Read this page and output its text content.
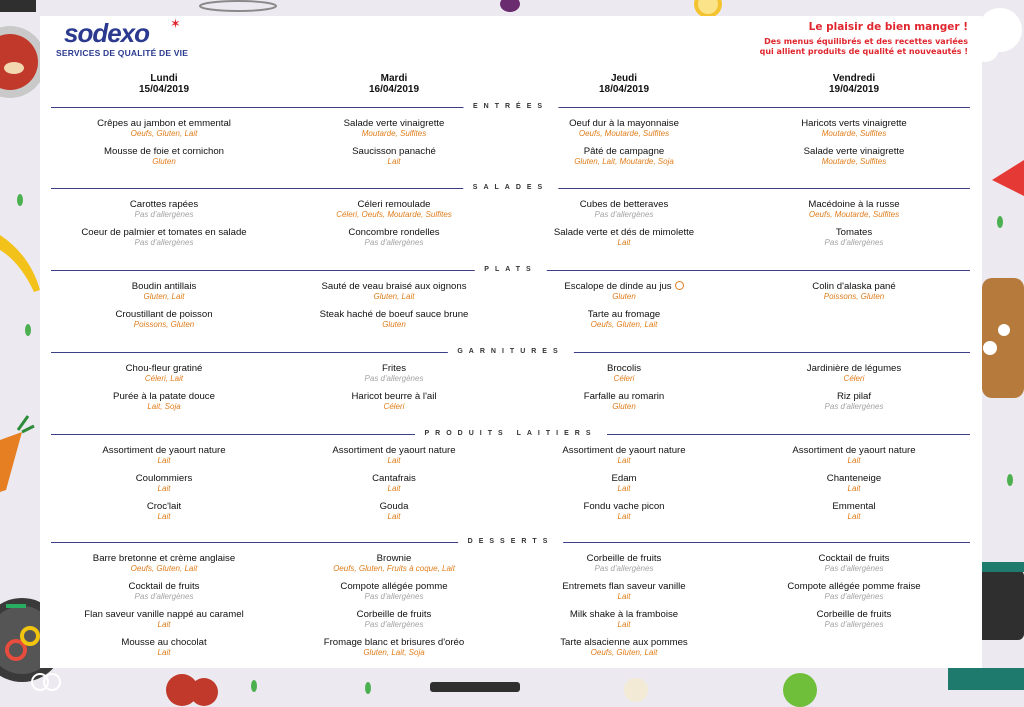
sodexo ✶
SERVICES DE QUALITÉ DE VIE
Le plaisir de bien manger !
Des menus équilibrés et des recettes variées
qui allient produits de qualité et nouveautés !
Lundi
15/04/2019
Mardi
16/04/2019
Jeudi
18/04/2019
Vendredi
19/04/2019
ENTRÉES
Crêpes au jambon et emmental
Oeufs, Gluten, Lait
Salade verte vinaigrette
Moutarde, Sulfites
Oeuf dur à la mayonnaise
Oeufs, Moutarde, Sulfites
Haricots verts vinaigrette
Moutarde, Sulfites
Mousse de foie et cornichon
Gluten
Saucisson panaché
Lait
Pâté de campagne
Gluten, Lait, Moutarde, Soja
Salade verte vinaigrette
Moutarde, Sulfites
SALADES
Carottes rapées
Pas d'allergènes
Céleri remoulade
Céleri, Oeufs, Moutarde, Sulfites
Cubes de betteraves
Pas d'allergènes
Macédoine à la russe
Oeufs, Moutarde, Sulfites
Coeur de palmier et tomates en salade
Pas d'allergènes
Concombre rondelles
Pas d'allergènes
Salade verte et dés de mimolette
Lait
Tomates
Pas d'allergènes
PLATS
Boudin antillais
Gluten, Lait
Sauté de veau braisé aux oignons
Gluten, Lait
Escalope de dinde au jus
Gluten
Colin d'alaska pané
Poissons, Gluten
Croustillant de poisson
Poissons, Gluten
Steak haché de boeuf sauce brune
Gluten
Tarte au fromage
Oeufs, Gluten, Lait
GARNITURES
Chou-fleur gratiné
Céleri, Lait
Frites
Pas d'allergènes
Brocolis
Céleri
Jardinière de légumes
Céleri
Purée à la patate douce
Lait, Soja
Haricot beurre à l'ail
Céleri
Farfalle au romarin
Gluten
Riz pilaf
Pas d'allergènes
PRODUITS LAITIERS
Assortiment de yaourt nature
Lait
Assortiment de yaourt nature
Lait
Assortiment de yaourt nature
Lait
Assortiment de yaourt nature
Lait
Coulommiers
Lait
Cantafrais
Lait
Edam
Lait
Chanteneige
Lait
Croc'lait
Lait
Gouda
Lait
Fondu vache picon
Lait
Emmental
Lait
DESSERTS
Barre bretonne et crème anglaise
Oeufs, Gluten, Lait
Brownie
Oeufs, Gluten, Fruits à coque, Lait
Corbeille de fruits
Pas d'allergènes
Cocktail de fruits
Pas d'allergènes
Cocktail de fruits
Pas d'allergènes
Compote allégée pomme
Pas d'allergènes
Entremets flan saveur vanille
Lait
Compote allégée pomme fraise
Pas d'allergènes
Flan saveur vanille nappé au caramel
Lait
Corbeille de fruits
Pas d'allergènes
Milk shake à la framboise
Lait
Corbeille de fruits
Pas d'allergènes
Mousse au chocolat
Lait
Fromage blanc et brisures d'oréo
Gluten, Lait, Soja
Tarte alsacienne aux pommes
Oeufs, Gluten, Lait
